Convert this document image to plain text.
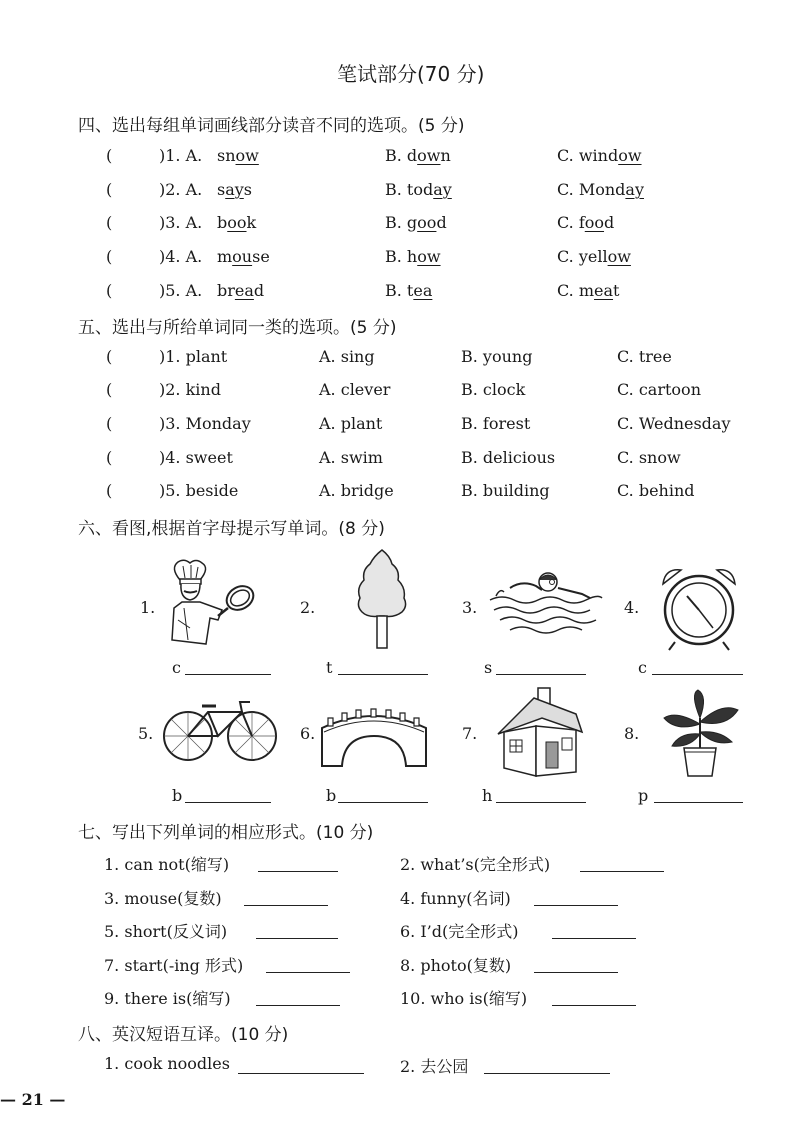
笔试部分(70 分)
四、选出每组单词画线部分读音不同的选项。(5 分)
(	)1. A. snow	B. down	C. window
(	)2. A. says	B. today	C. Monday
(	)3. A. book	B. good	C. food
(	)4. A. mouse	B. how	C. yellow
(	)5. A. bread	B. tea	C. meat
五、选出与所给单词同一类的选项。(5 分)
(	)1. plant	A. sing	B. young	C. tree
(	)2. kind	A. clever	B. clock	C. cartoon
(	)3. Monday	A. plant	B. forest	C. Wednesday
(	)4. sweet	A. swim	B. delicious	C. snow
(	)5. beside	A. bridge	B. building	C. behind
六、看图,根据首字母提示写单词。(8 分)
1.
c
2.
t
3.
s
4.
c
5.
b
6.
b
7.
h
8.
p
七、写出下列单词的相应形式。(10 分)
1. can not(缩写)	2. what’s(完全形式)
3. mouse(复数)	4. funny(名词)
5. short(反义词)	6. I’d(完全形式)
7. start(-ing 形式)	8. photo(复数)
9. there is(缩写)	10. who is(缩写)
八、英汉短语互译。(10 分)
1. cook noodles	2. 去公园
— 21 —
